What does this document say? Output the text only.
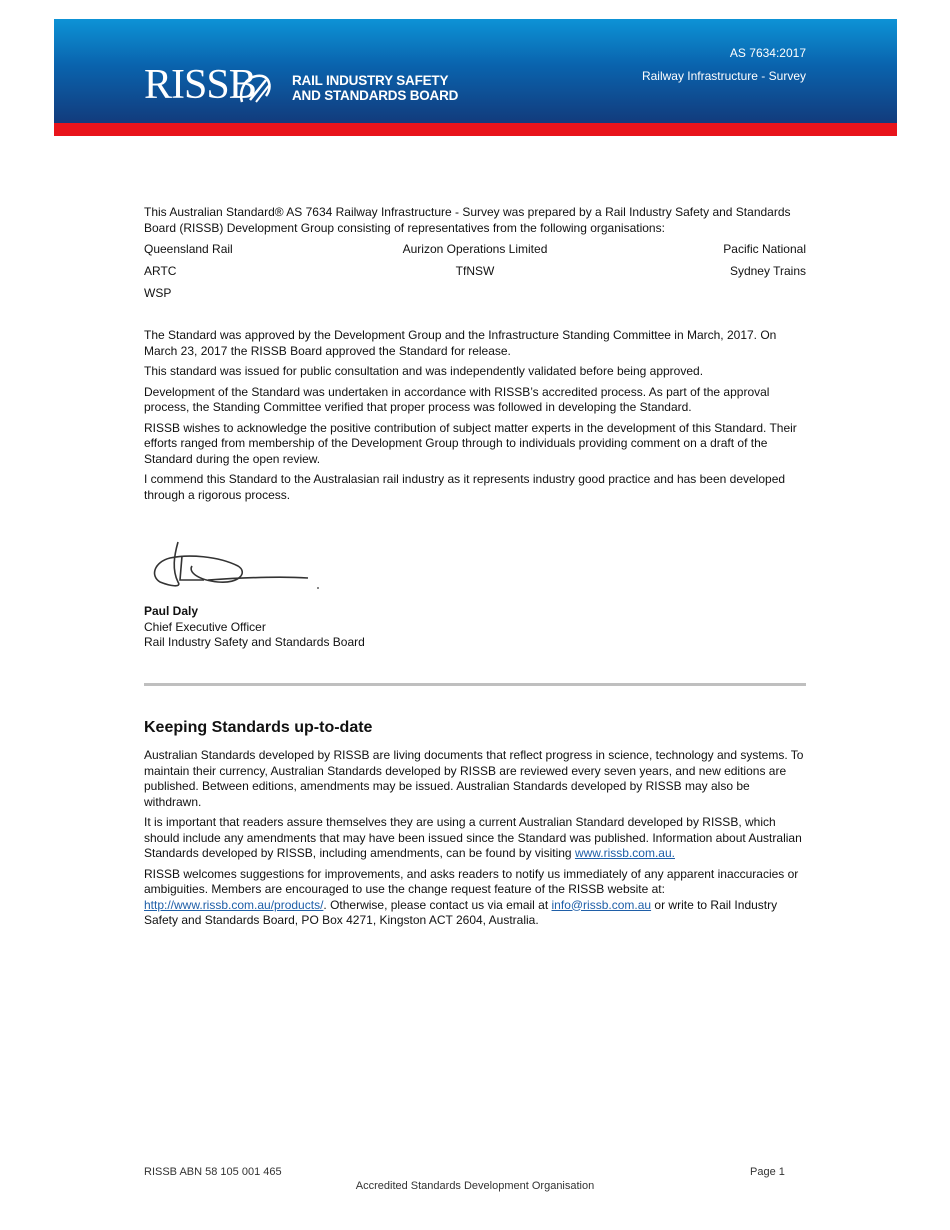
RISSB	RAIL INDUSTRY SAFETY
AND STANDARDS BOARD
AS 7634:2017
Railway Infrastructure - Survey

This Australian Standard® AS 7634 Railway Infrastructure - Survey was prepared by a Rail Industry Safety and Standards Board (RISSB) Development Group consisting of representatives from the following organisations:

Queensland Rail	Aurizon Operations Limited	Pacific National
ARTC	TfNSW	Sydney Trains
WSP

The Standard was approved by the Development Group and the Infrastructure Standing Committee in March, 2017. On March 23, 2017 the RISSB Board approved the Standard for release.

This standard was issued for public consultation and was independently validated before being approved.

Development of the Standard was undertaken in accordance with RISSB’s accredited process. As part of the approval process, the Standing Committee verified that proper process was followed in developing the Standard.

RISSB wishes to acknowledge the positive contribution of subject matter experts in the development of this Standard. Their efforts ranged from membership of the Development Group through to individuals providing comment on a draft of the Standard during the open review.

I commend this Standard to the Australasian rail industry as it represents industry good practice and has been developed through a rigorous process.

Paul Daly
Chief Executive Officer
Rail Industry Safety and Standards Board
Keeping Standards up-to-date

Australian Standards developed by RISSB are living documents that reflect progress in science, technology and systems. To maintain their currency, Australian Standards developed by RISSB are reviewed every seven years, and new editions are published. Between editions, amendments may be issued. Australian Standards developed by RISSB may also be withdrawn.

It is important that readers assure themselves they are using a current Australian Standard developed by RISSB, which should include any amendments that may have been issued since the Standard was published. Information about Australian Standards developed by RISSB, including amendments, can be found by visiting www.rissb.com.au.

RISSB welcomes suggestions for improvements, and asks readers to notify us immediately of any apparent inaccuracies or ambiguities. Members are encouraged to use the change request feature of the RISSB website at: http://www.rissb.com.au/products/. Otherwise, please contact us via email at info@rissb.com.au or write to Rail Industry Safety and Standards Board, PO Box 4271, Kingston ACT 2604, Australia.

RISSB ABN 58 105 001 465	Page 1
Accredited Standards Development Organisation
